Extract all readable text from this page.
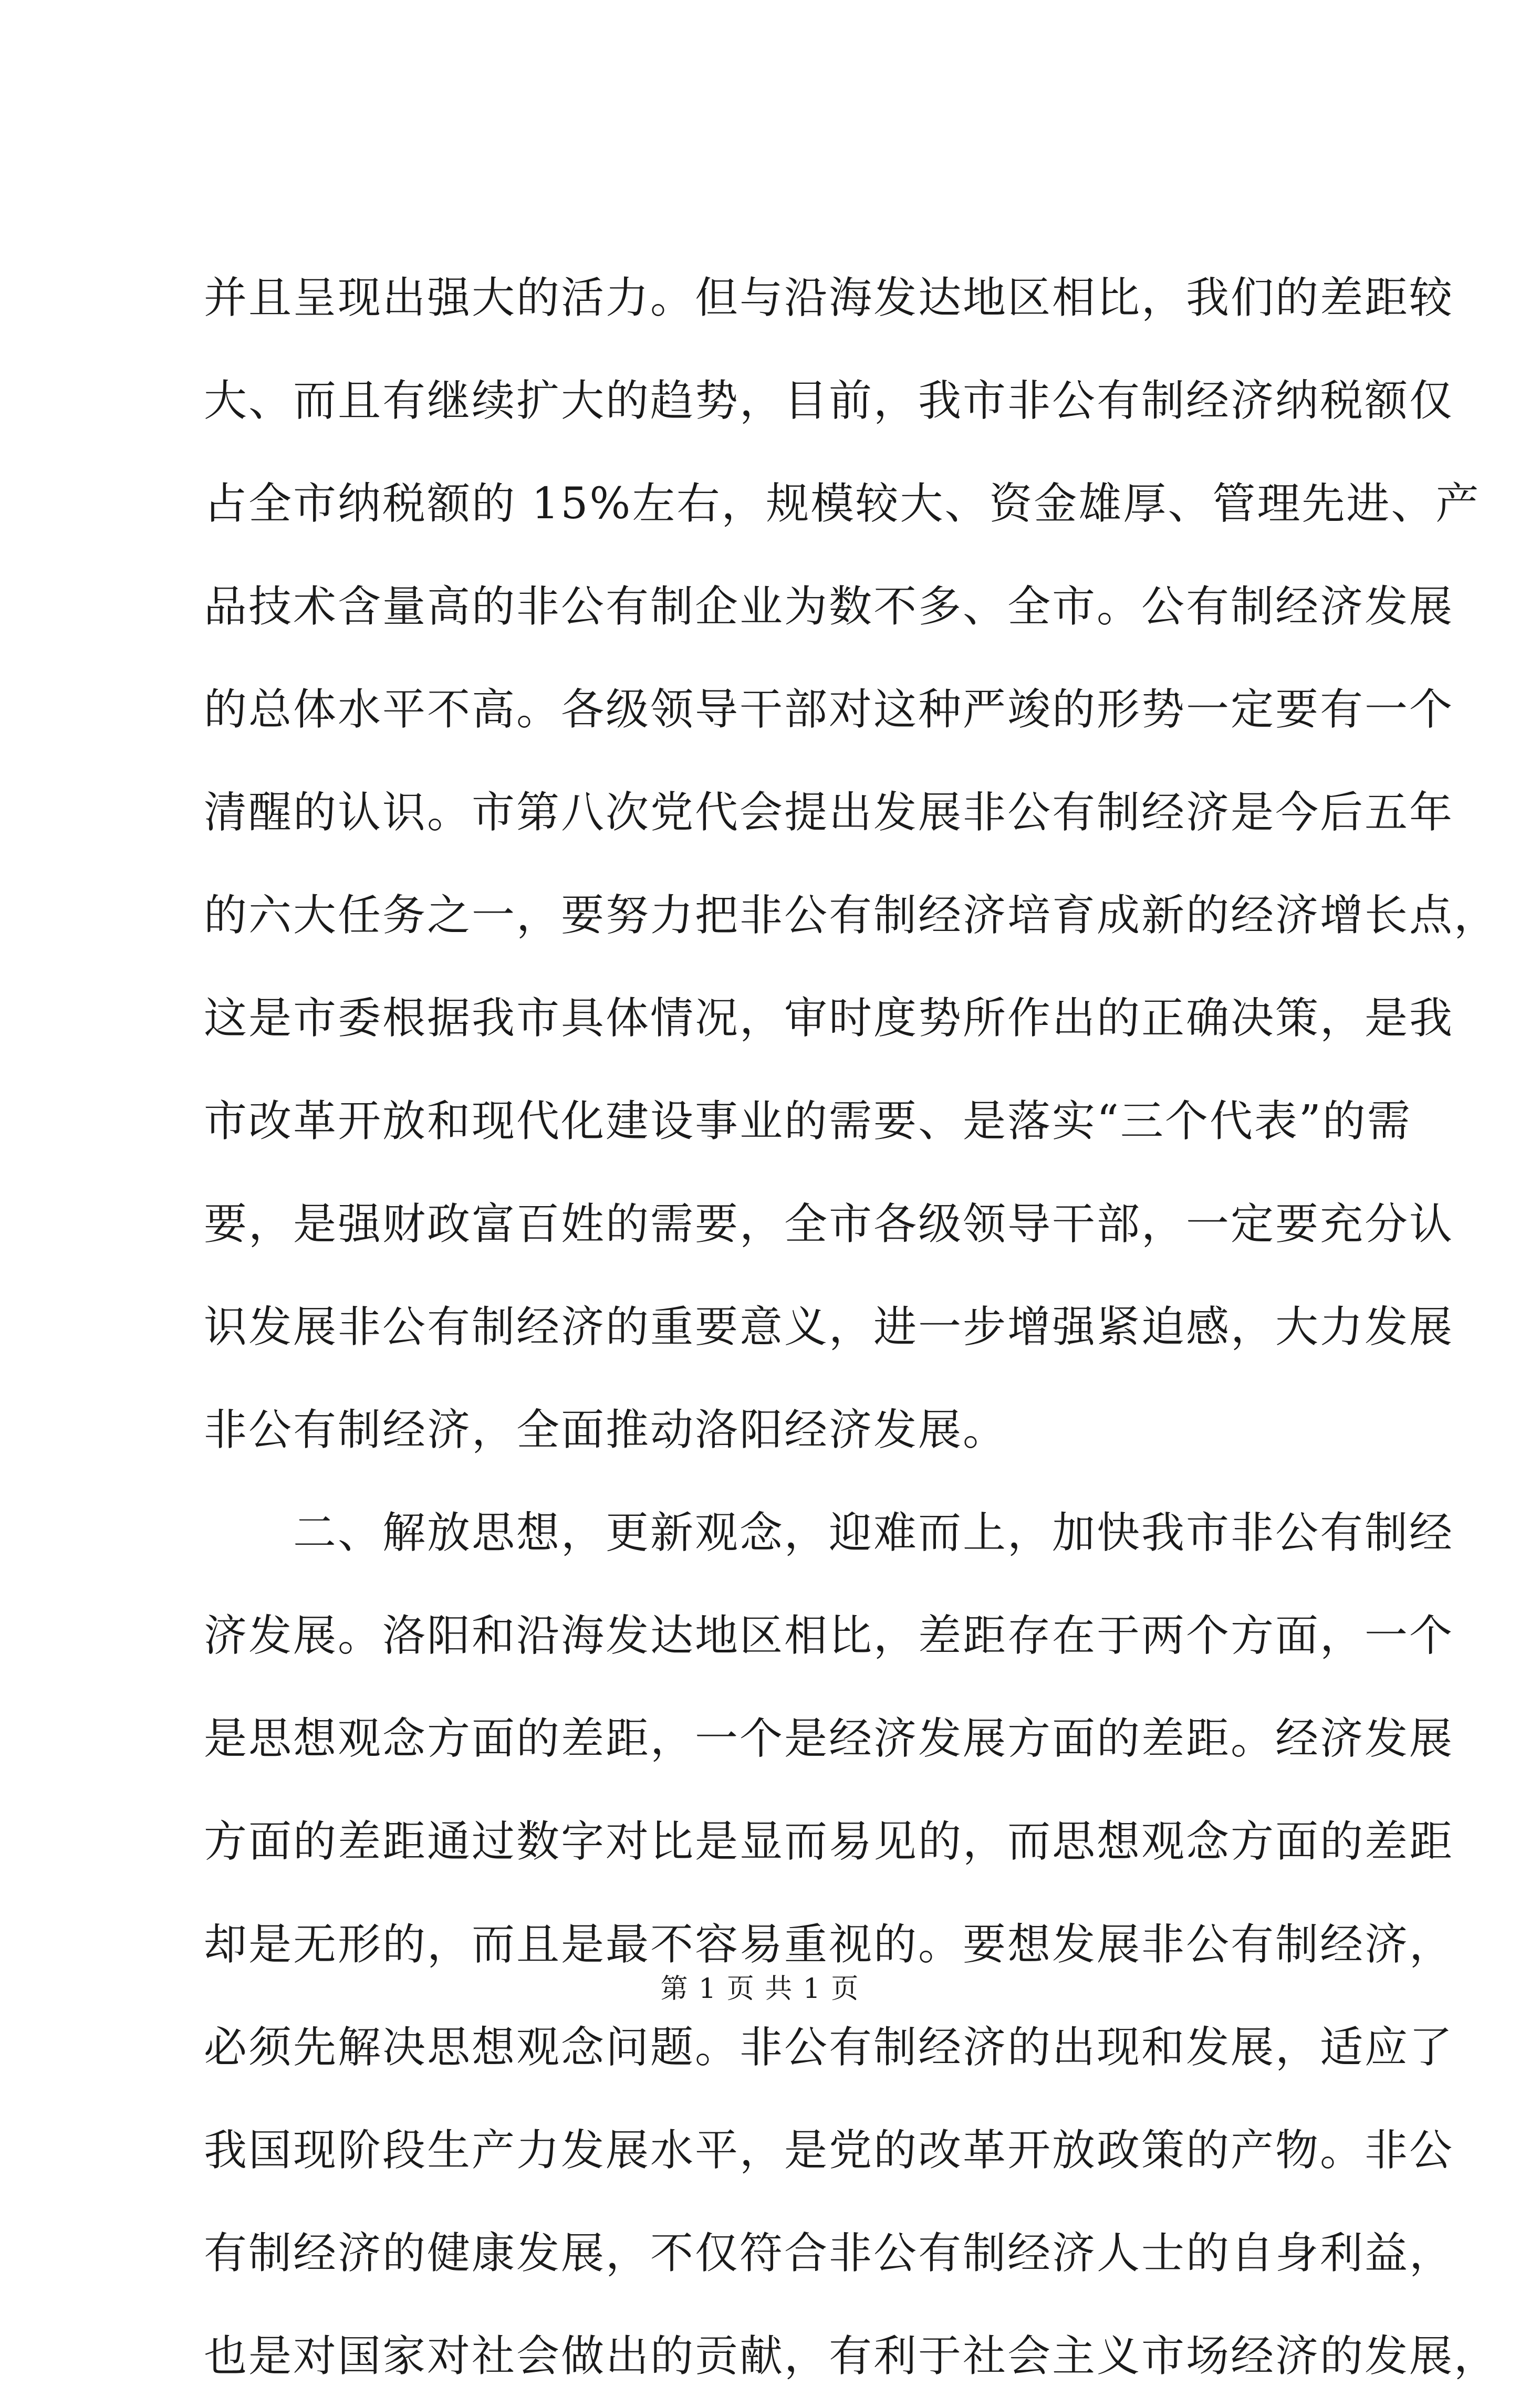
并且呈现出强大的活力。但与沿海发达地区相比，我们的差距较
大、而且有继续扩大的趋势，目前，我市非公有制经济纳税额仅
占全市纳税额的 15%左右，规模较大、资金雄厚、管理先进、产
品技术含量高的非公有制企业为数不多、全市。公有制经济发展
的总体水平不高。各级领导干部对这种严竣的形势一定要有一个
清醒的认识。市第八次党代会提出发展非公有制经济是今后五年
的六大任务之一，要努力把非公有制经济培育成新的经济增长点，
这是市委根据我市具体情况，审时度势所作出的正确决策，是我
市改革开放和现代化建设事业的需要、是落实“三个代表”的需
要，是强财政富百姓的需要，全市各级领导干部，一定要充分认
识发展非公有制经济的重要意义，进一步增强紧迫感，大力发展
非公有制经济，全面推动洛阳经济发展。
　　二、解放思想，更新观念，迎难而上，加快我市非公有制经
济发展。洛阳和沿海发达地区相比，差距存在于两个方面，一个
是思想观念方面的差距，一个是经济发展方面的差距。经济发展
方面的差距通过数字对比是显而易见的，而思想观念方面的差距
却是无形的，而且是最不容易重视的。要想发展非公有制经济，
必须先解决思想观念问题。非公有制经济的出现和发展，适应了
我国现阶段生产力发展水平，是党的改革开放政策的产物。非公
有制经济的健康发展，不仅符合非公有制经济人士的自身利益，
也是对国家对社会做出的贡献，有利于社会主义市场经济的发展，
第 1 页 共 1 页
